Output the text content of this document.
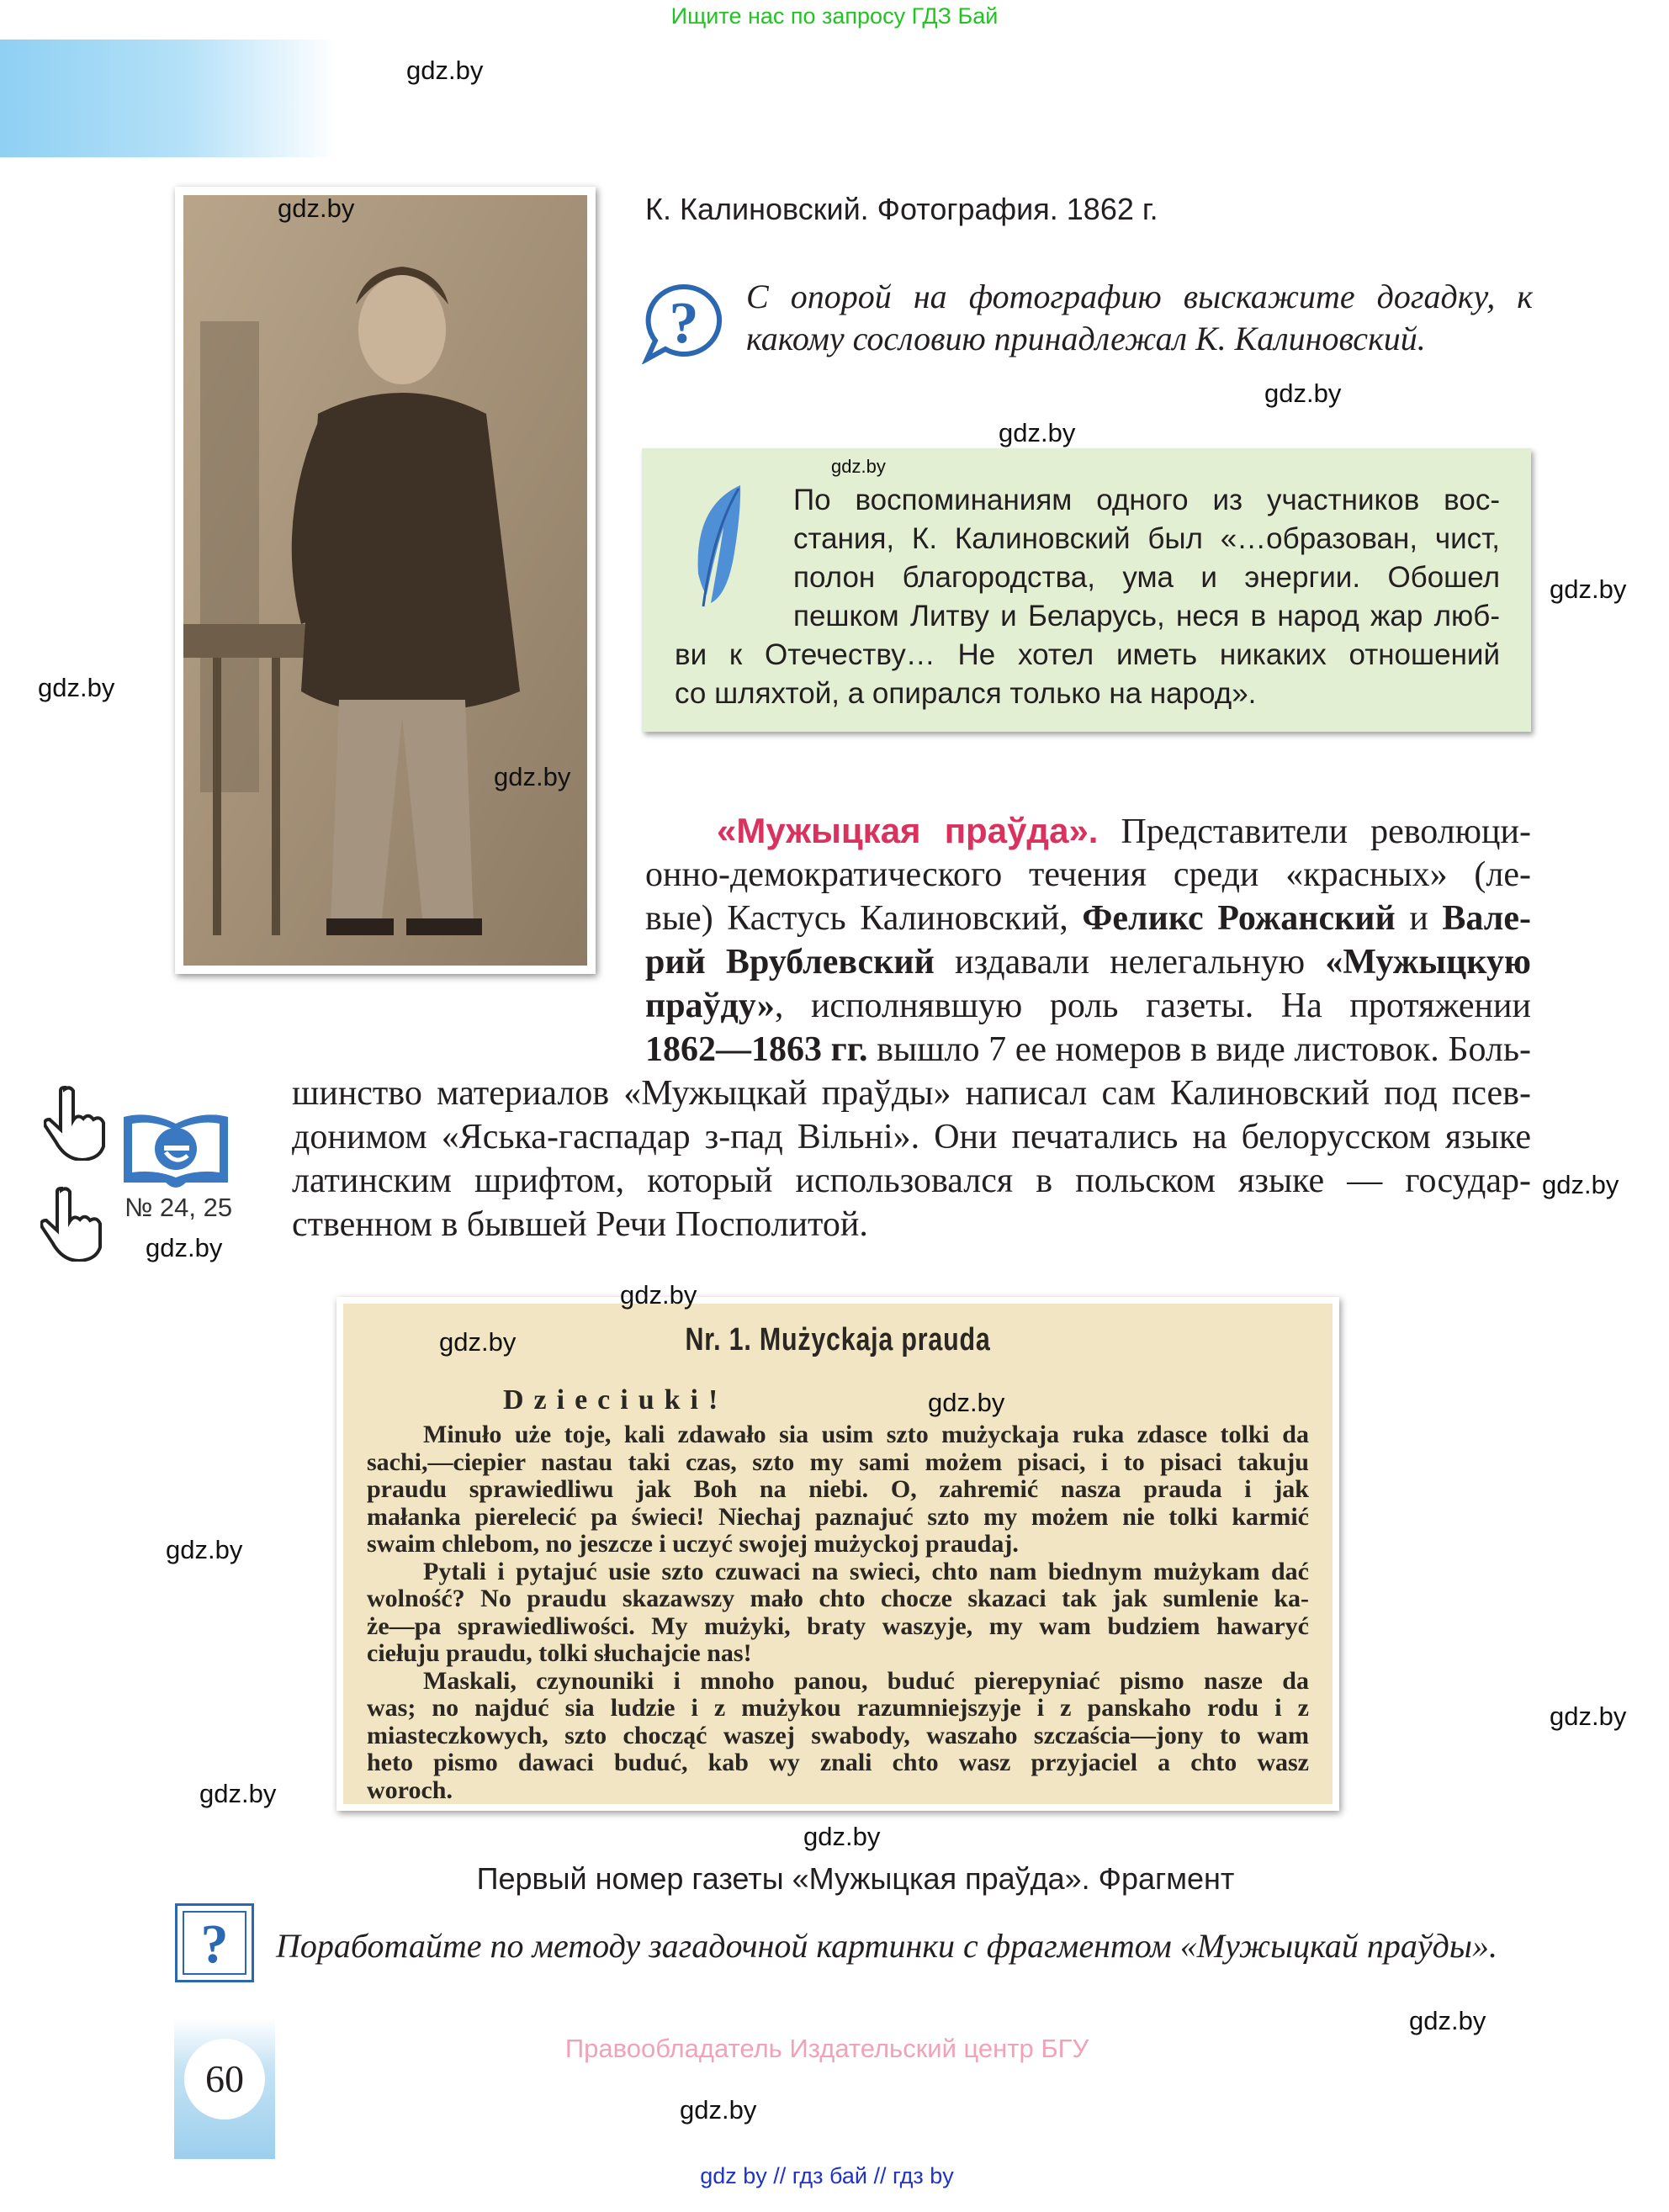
Ищите нас по запросу ГДЗ Бай
К. Калиновский. Фотография. 1862 г.
? С опорой на фотографию выскажите догадку, к какому сословию принадлежал К. Калиновский.
По воспоминаниям одного из участников вос-
стания, К. Калиновский был «…образован, чист,
полон благородства, ума и энергии. Обошел
пешком Литву и Беларусь, неся в народ жар люб-
ви к Отечеству… Не хотел иметь никаких отношений
со шляхтой, а опирался только на народ».
«Мужыцкая праўда». Представители революци-
онно-демократического течения среди «красных» (ле-
вые) Кастусь Калиновский, Феликс Рожанский и Вале-
рий Врублевский издавали нелегальную «Мужыцкую
праўду», исполнявшую роль газеты. На протяжении
1862—1863 гг. вышло 7 ее номеров в виде листовок. Боль-
шинство материалов «Мужыцкай праўды» написал сам Калиновский под псев-
донимом «Яська-гаспадар з-пад Вільні». Они печатались на белорусском языке
латинским шрифтом, который использовался в польском языке — государ-
ственном в бывшей Речи Посполитой.
№ 24, 25
Nr. 1. Mużyckaja prauda
Dzieciuki!
Minuło uże toje, kali zdawało sia usim szto mużyckaja ruka zdasce tolki da
sachi,—ciepier nastau taki czas, szto my sami możem pisaci, i to pisaci takuju
praudu sprawiedliwu jak Boh na niebi. O, zahremić nasza prauda i jak
małanka pierelecić pa świeci! Niechaj paznajuć szto my możem nie tolki karmić
swaim chlebom, no jeszcze i uczyć swojej mużyckoj praudaj.
Pytali i pytajuć usie szto czuwaci na swieci, chto nam biednym mużykam dać
wolność? No praudu skazawszy mało chto chocze skazaci tak jak sumlenie ka-
że—pa sprawiedliwości. My mużyki, braty waszyje, my wam budziem hawaryć
ciełuju praudu, tolki słuchajcie nas!
Maskali, czynouniki i mnoho panou, buduć pierepyniać pismo nasze da
was; no najduć sia ludzie i z mużykou razumniejszyje i z panskaho rodu i z
miasteczkowych, szto chocząć waszej swabody, waszaho szczaścia—jony to wam
heto pismo dawaci buduć, kab wy znali chto wasz przyjaciel a chto wasz
woroch.
Первый номер газеты «Мужыцкая праўда». Фрагмент
?	Поработайте по методу загадочной картинки с фрагментом «Мужыцкай праўды».
60
Правообладатель Издательский центр БГУ
gdz by // гдз бай // гдз by
gdz.by
gdz.by
gdz.by
gdz.by
gdz.by
gdz.by
gdz.by
gdz.by
gdz.by
gdz.by
gdz.by
gdz.by
gdz.by
gdz.by
gdz.by
gdz.by
gdz.by
gdz.by
gdz.by
